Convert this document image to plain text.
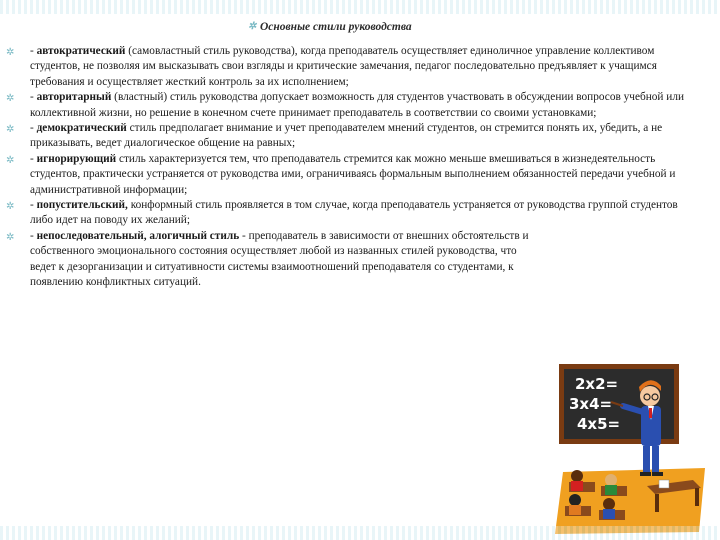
✲ Основные стили руководства

✲ - автократический (самовластный стиль руководства), когда преподаватель осуществляет единоличное управление коллективом студентов, не позволяя им высказывать свои взгляды и критические замечания, педагог последовательно предъявляет к учащимся требования и осуществляет жесткий контроль за их исполнением;

✲ - авторитарный (властный) стиль руководства допускает возможность для студентов участвовать в обсуждении вопросов учебной или коллективной жизни, но решение в конечном счете принимает преподаватель в соответствии со своими установками;

✲ - демократический стиль предполагает внимание и учет преподавателем мнений студентов, он стремится понять их, убедить, а не приказывать, ведет диалогическое общение на равных;

✲ - игнорирующий стиль характеризуется тем, что преподаватель стремится как можно меньше вмешиваться в жизнедеятельность студентов, практически устраняется от руководства ими, ограничиваясь формальным выполнением обязанностей передачи учебной и административной информации;

✲ - попустительский, конформный стиль проявляется в том случае, когда преподаватель устраняется от руководства группой студентов либо идет на поводу их желаний;

✲ - непоследовательный, алогичный стиль - преподаватель в зависимости от внешних обстоятельств и собственного эмоционального состояния осуществляет любой из названных стилей руководства, что ведет к дезорганизации и ситуативности системы взаимоотношений преподавателя со студентами, к появлению конфликтных ситуаций.

2x2=
3x4=
4x5=
